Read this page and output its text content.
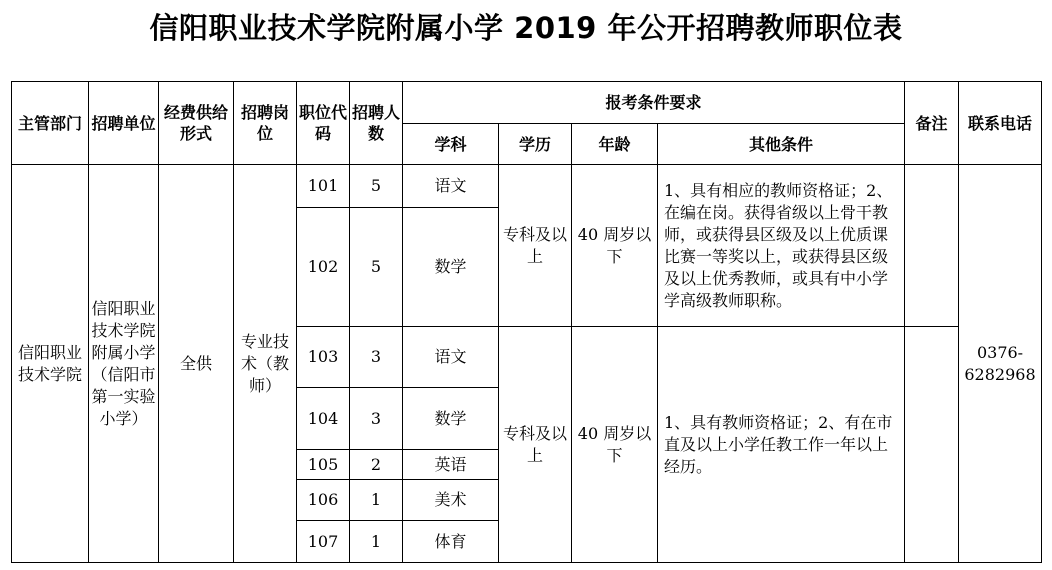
信阳职业技术学院附属小学 2019 年公开招聘教师职位表
主管部门	招聘单位	经费供给形式	招聘岗位	职位代码	招聘人数	报考条件要求				备注	联系电话
						学科	学历	年龄	其他条件		
信阳职业技术学院	信阳职业技术学院附属小学（信阳市第一实验小学）	全供	专业技术（教师）	101	5	语文	专科及以上	40 周岁以下	1、具有相应的教师资格证；2、在编在岗。获得省级以上骨干教师，或获得县区级及以上优质课比赛一等奖以上，或获得县区级及以上优秀教师，或具有中小学学高级教师职称。		0376-6282968
				102	5	数学					
				103	3	语文	专科及以上	40 周岁以下	1、具有教师资格证；2、有在市直及以上小学任教工作一年以上经历。		
				104	3	数学					
				105	2	英语					
				106	1	美术					
				107	1	体育					
